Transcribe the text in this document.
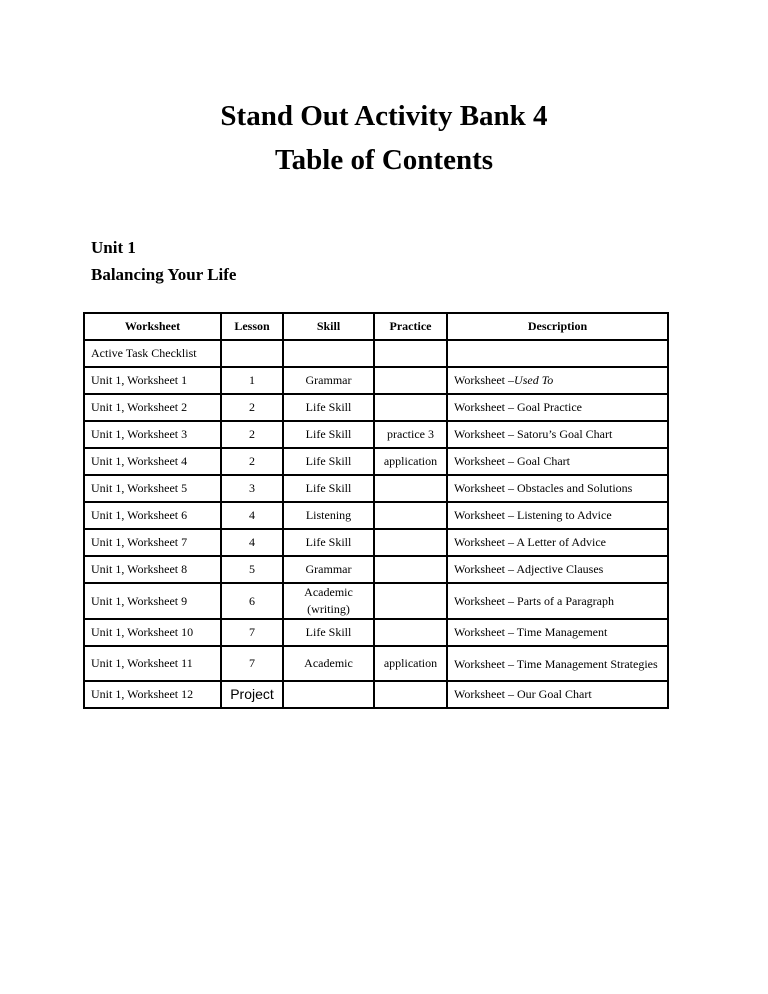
Stand Out Activity Bank 4
Table of Contents
Unit 1
Balancing Your Life
Worksheet	Lesson	Skill	Practice	Description
Active Task Checklist				
Unit 1, Worksheet 1	1	Grammar		Worksheet –Used To
Unit 1, Worksheet 2	2	Life Skill		Worksheet – Goal Practice
Unit 1, Worksheet 3	2	Life Skill	practice 3	Worksheet – Satoru’s Goal Chart
Unit 1, Worksheet 4	2	Life Skill	application	Worksheet – Goal Chart
Unit 1, Worksheet 5	3	Life Skill		Worksheet – Obstacles and Solutions
Unit 1, Worksheet 6	4	Listening		Worksheet – Listening to Advice
Unit 1, Worksheet 7	4	Life Skill		Worksheet – A Letter of Advice
Unit 1, Worksheet 8	5	Grammar		Worksheet – Adjective Clauses
Unit 1, Worksheet 9	6	Academic (writing)		Worksheet – Parts of a Paragraph
Unit 1, Worksheet 10	7	Life Skill		Worksheet – Time Management
Unit 1, Worksheet 11	7	Academic	application	Worksheet – Time Management Strategies
Unit 1, Worksheet 12	Project			Worksheet – Our Goal Chart
